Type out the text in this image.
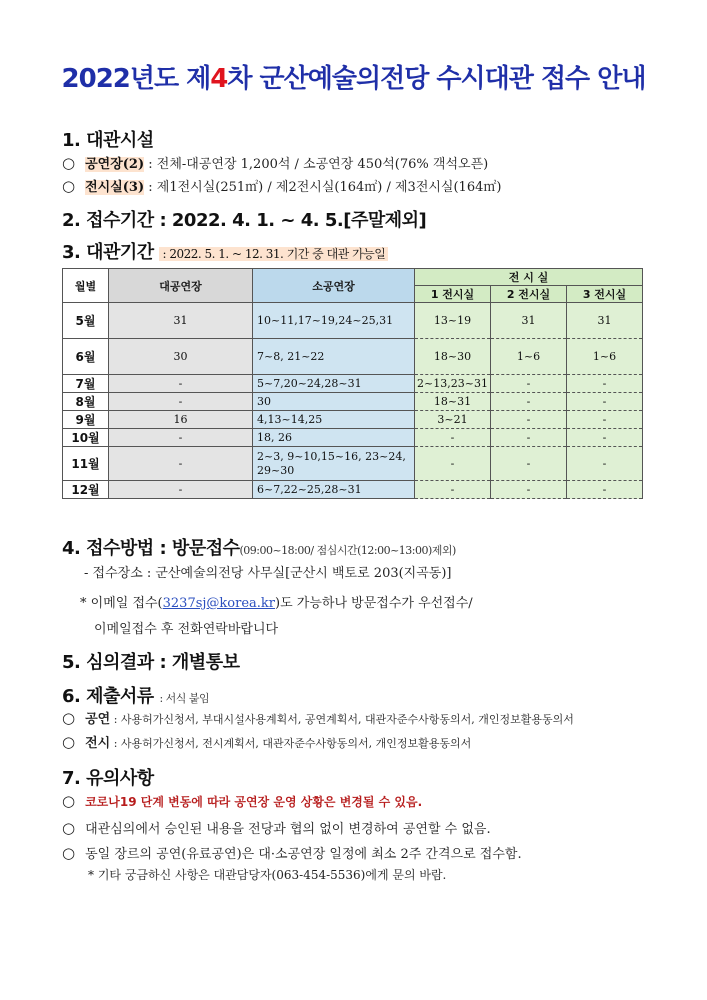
2022년도 제4차 군산예술의전당 수시대관 접수 안내
1. 대관시설
○ 공연장(2) : 전체-대공연장 1,200석 / 소공연장 450석(76% 객석오픈)
○ 전시실(3) : 제1전시실(251㎡) / 제2전시실(164㎡) / 제3전시실(164㎡)
2. 접수기간 : 2022. 4. 1. ~ 4. 5.[주말제외]
3. 대관기간 : 2022. 5. 1. ~ 12. 31. 기간 중 대관 가능일
월별	대공연장	소공연장	전 시 실		
			1 전시실	2 전시실	3 전시실
5월	31	10~11,17~19,24~25,31	13~19	31	31
6월	30	7~8, 21~22	18~30	1~6	1~6
7월	-	5~7,20~24,28~31	2~13,23~31	-	-
8월	-	30	18~31	-	-
9월	16	4,13~14,25	3~21	-	-
10월	-	18, 26	-	-	-
11월	-	2~3, 9~10,15~16, 23~24, 29~30	-	-	-
12월	-	6~7,22~25,28~31	-	-	-
4. 접수방법 : 방문접수(09:00~18:00/ 점심시간(12:00~13:00)제외)
- 접수장소 : 군산예술의전당 사무실[군산시 백토로 203(지곡동)]
* 이메일 접수(3237sj@korea.kr)도 가능하나 방문접수가 우선접수/
이메일접수 후 전화연락바랍니다
5. 심의결과 : 개별통보
6. 제출서류 : 서식 붙임
○ 공연 : 사용허가신청서, 부대시설사용계획서, 공연계획서, 대관자준수사항동의서, 개인정보활용동의서
○ 전시 : 사용허가신청서, 전시계획서, 대관자준수사항동의서, 개인정보활용동의서
7. 유의사항
○ 코로나19 단계 변동에 따라 공연장 운영 상황은 변경될 수 있음.
○ 대관심의에서 승인된 내용을 전당과 협의 없이 변경하여 공연할 수 없음.
○ 동일 장르의 공연(유료공연)은 대·소공연장 일정에 최소 2주 간격으로 접수함.
* 기타 궁금하신 사항은 대관담당자(063-454-5536)에게 문의 바람.
